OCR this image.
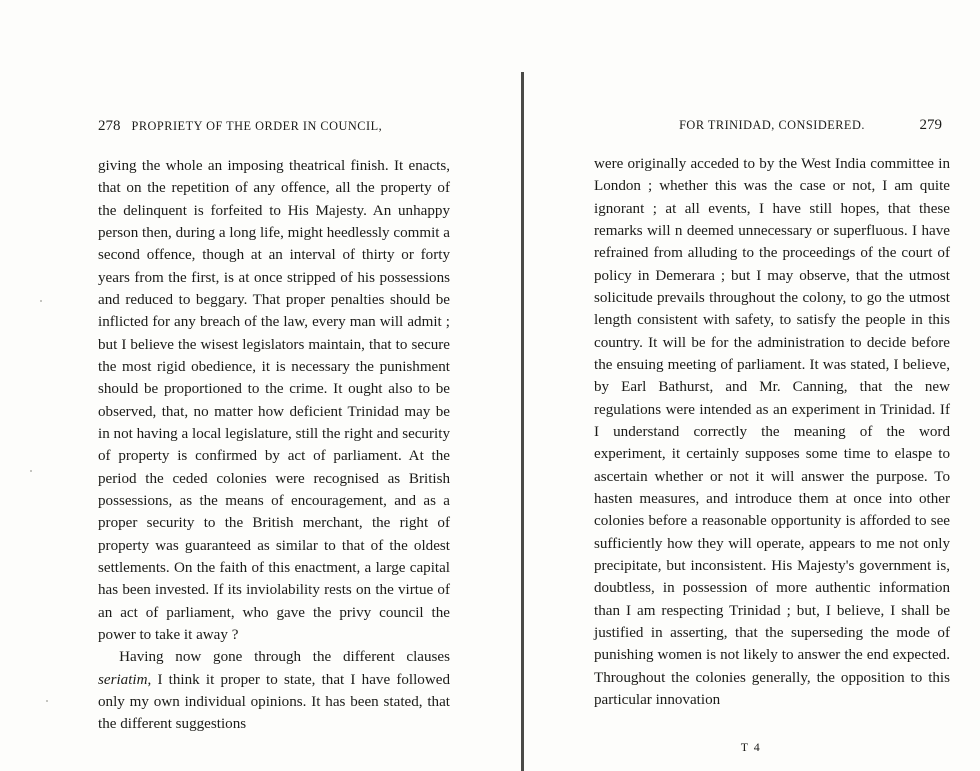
278 PROPRIETY OF THE ORDER IN COUNCIL,

giving the whole an imposing theatrical finish. It enacts, that on the repetition of any offence, all the property of the delinquent is forfeited to His Majesty. An unhappy person then, during a long life, might heedlessly commit a second offence, though at an interval of thirty or forty years from the first, is at once stripped of his possessions and reduced to beggary. That proper penalties should be inflicted for any breach of the law, every man will admit ; but I believe the wisest legislators maintain, that to secure the most rigid obedience, it is necessary the punishment should be proportioned to the crime. It ought also to be observed, that, no matter how deficient Trinidad may be in not having a local legislature, still the right and security of property is confirmed by act of parliament. At the period the ceded colonies were recognised as British possessions, as the means of encouragement, and as a proper security to the British merchant, the right of property was guaranteed as similar to that of the oldest settlements. On the faith of this enactment, a large capital has been invested. If its inviolability rests on the virtue of an act of parliament, who gave the privy council the power to take it away ?

Having now gone through the different clauses seriatim, I think it proper to state, that I have followed only my own individual opinions. It has been stated, that the different suggestions

FOR TRINIDAD, CONSIDERED.	279

were originally acceded to by the West India committee in London ; whether this was the case or not, I am quite ignorant ; at all events, I have still hopes, that these remarks will n deemed unnecessary or superfluous. I have refrained from alluding to the proceedings of the court of policy in Demerara ; but I may observe, that the utmost solicitude prevails throughout the colony, to go the utmost length consistent with safety, to satisfy the people in this country. It will be for the administration to decide before the ensuing meeting of parliament. It was stated, I believe, by Earl Bathurst, and Mr. Canning, that the new regulations were intended as an experiment in Trinidad. If I understand correctly the meaning of the word experiment, it certainly supposes some time to elaspe to ascertain whether or not it will answer the purpose. To hasten measures, and introduce them at once into other colonies before a reasonable opportunity is afforded to see sufficiently how they will operate, appears to me not only precipitate, but inconsistent. His Majesty's government is, doubtless, in possession of more authentic information than I am respecting Trinidad ; but, I believe, I shall be justified in asserting, that the superseding the mode of punishing women is not likely to answer the end expected. Throughout the colonies generally, the opposition to this particular innovation

T 4
